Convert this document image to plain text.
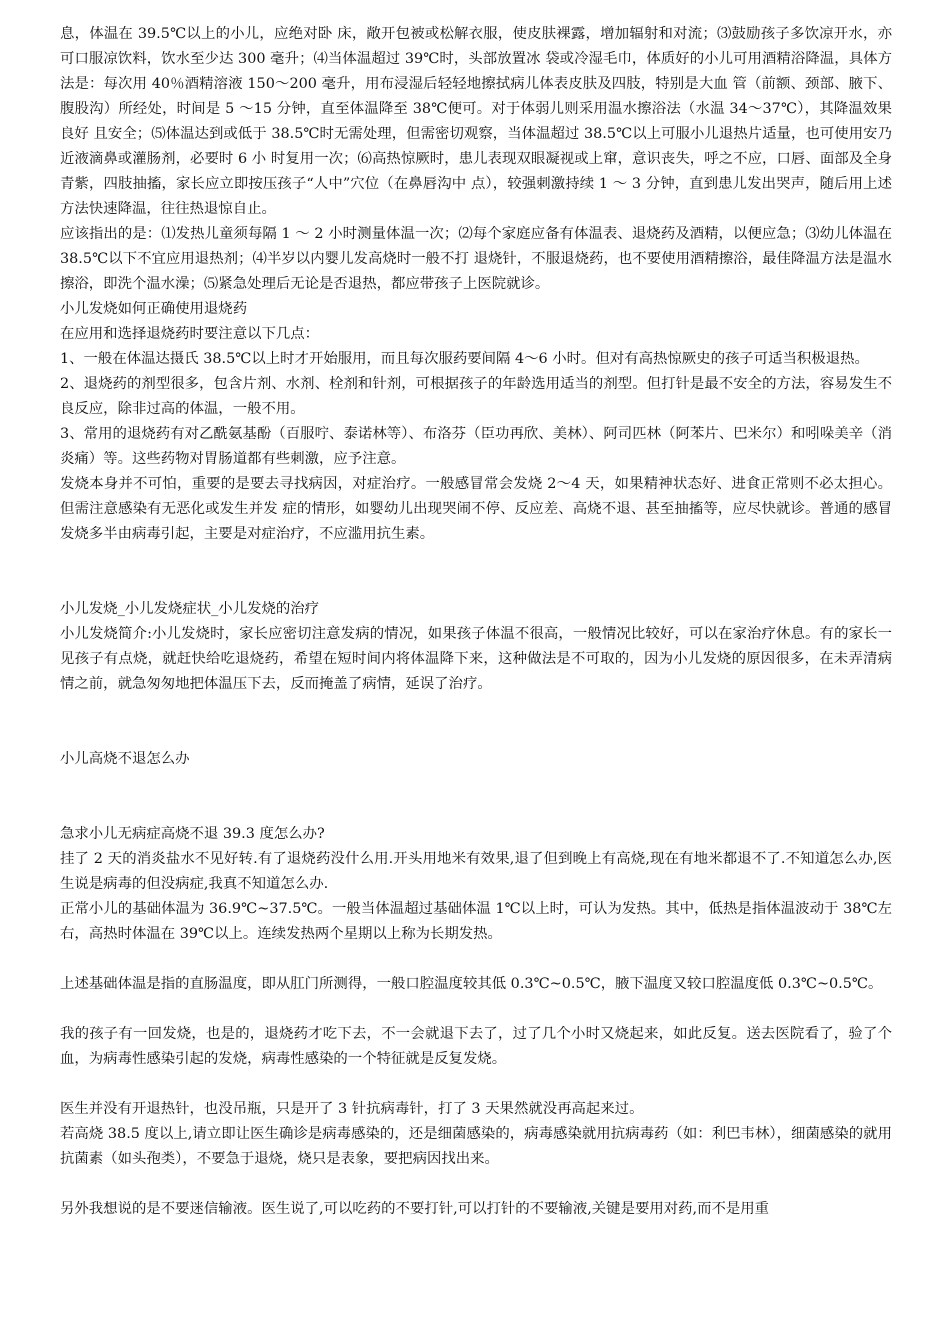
息，体温在 39.5℃以上的小儿，应绝对卧 床，敞开包被或松解衣服，使皮肤裸露，增加辐射和对流；⑶鼓励孩子多饮凉开水，亦可口服凉饮料，饮水至少达 300 毫升；⑷当体温超过 39℃时，头部放置冰 袋或冷湿毛巾，体质好的小儿可用酒精浴降温，具体方法是：每次用 40％酒精溶液 150～200 毫升，用布浸湿后轻轻地擦拭病儿体表皮肤及四肢，特别是大血 管（前额、颈部、腋下、腹股沟）所经处，时间是 5 ～15 分钟，直至体温降至 38℃便可。对于体弱儿则采用温水擦浴法（水温 34～37℃），其降温效果良好 且安全；⑸体温达到或低于 38.5℃时无需处理，但需密切观察，当体温超过 38.5℃以上可服小儿退热片适量，也可使用安乃近液滴鼻或灌肠剂，必要时 6 小 时复用一次；⑹高热惊厥时，患儿表现双眼凝视或上窜，意识丧失，呼之不应，口唇、面部及全身青紫，四肢抽搐，家长应立即按压孩子“人中”穴位（在鼻唇沟中 点），较强刺激持续 1 ～ 3 分钟，直到患儿发出哭声，随后用上述方法快速降温，往往热退惊自止。
应该指出的是：⑴发热儿童须每隔 1 ～ 2 小时测量体温一次；⑵每个家庭应备有体温表、退烧药及酒精，以便应急；⑶幼儿体温在 38.5℃以下不宜应用退热剂；⑷半岁以内婴儿发高烧时一般不打 退烧针，不服退烧药，也不要使用酒精擦浴，最佳降温方法是温水擦浴，即洗个温水澡；⑸紧急处理后无论是否退热，都应带孩子上医院就诊。
小儿发烧如何正确使用退烧药
在应用和选择退烧药时要注意以下几点：
1、一般在体温达摄氏 38.5℃以上时才开始服用，而且每次服药要间隔 4～6 小时。但对有高热惊厥史的孩子可适当积极退热。
2、退烧药的剂型很多，包含片剂、水剂、栓剂和针剂，可根据孩子的年龄选用适当的剂型。但打针是最不安全的方法，容易发生不良反应，除非过高的体温，一般不用。
3、常用的退烧药有对乙酰氨基酚（百服咛、泰诺林等）、布洛芬（臣功再欣、美林）、阿司匹林（阿苯片、巴米尔）和吲哚美辛（消炎痛）等。这些药物对胃肠道都有些刺激，应予注意。
发烧本身并不可怕，重要的是要去寻找病因，对症治疗。一般感冒常会发烧 2～4 天，如果精神状态好、进食正常则不必太担心。但需注意感染有无恶化或发生并发 症的情形，如婴幼儿出现哭闹不停、反应差、高烧不退、甚至抽搐等，应尽快就诊。普通的感冒发烧多半由病毒引起，主要是对症治疗，不应滥用抗生素。
小儿发烧_小儿发烧症状_小儿发烧的治疗
小儿发烧简介:小儿发烧时，家长应密切注意发病的情况，如果孩子体温不很高，一般情况比较好，可以在家治疗休息。有的家长一见孩子有点烧，就赶快给吃退烧药，希望在短时间内将体温降下来，这种做法是不可取的，因为小儿发烧的原因很多，在未弄清病情之前，就急匆匆地把体温压下去，反而掩盖了病情，延误了治疗。
小儿高烧不退怎么办
急求小儿无病症高烧不退 39.3 度怎么办?
挂了 2 天的消炎盐水不见好转.有了退烧药没什么用.开头用地米有效果,退了但到晚上有高烧,现在有地米都退不了.不知道怎么办,医生说是病毒的但没病症,我真不知道怎么办.
正常小儿的基础体温为 36.9℃~37.5℃。一般当体温超过基础体温 1℃以上时，可认为发热。其中，低热是指体温波动于 38℃左右，高热时体温在 39℃以上。连续发热两个星期以上称为长期发热。
上述基础体温是指的直肠温度，即从肛门所测得，一般口腔温度较其低 0.3℃~0.5℃，腋下温度又较口腔温度低 0.3℃~0.5℃。
我的孩子有一回发烧，也是的，退烧药才吃下去，不一会就退下去了，过了几个小时又烧起来，如此反复。送去医院看了，验了个血，为病毒性感染引起的发烧，病毒性感染的一个特征就是反复发烧。
医生并没有开退热针，也没吊瓶，只是开了 3 针抗病毒针，打了 3 天果然就没再高起来过。
若高烧 38.5 度以上,请立即让医生确诊是病毒感染的，还是细菌感染的，病毒感染就用抗病毒药（如：利巴韦林），细菌感染的就用抗菌素（如头孢类），不要急于退烧，烧只是表象，要把病因找出来。
另外我想说的是不要迷信输液。医生说了,可以吃药的不要打针,可以打针的不要输液,关键是要用对药,而不是用重
